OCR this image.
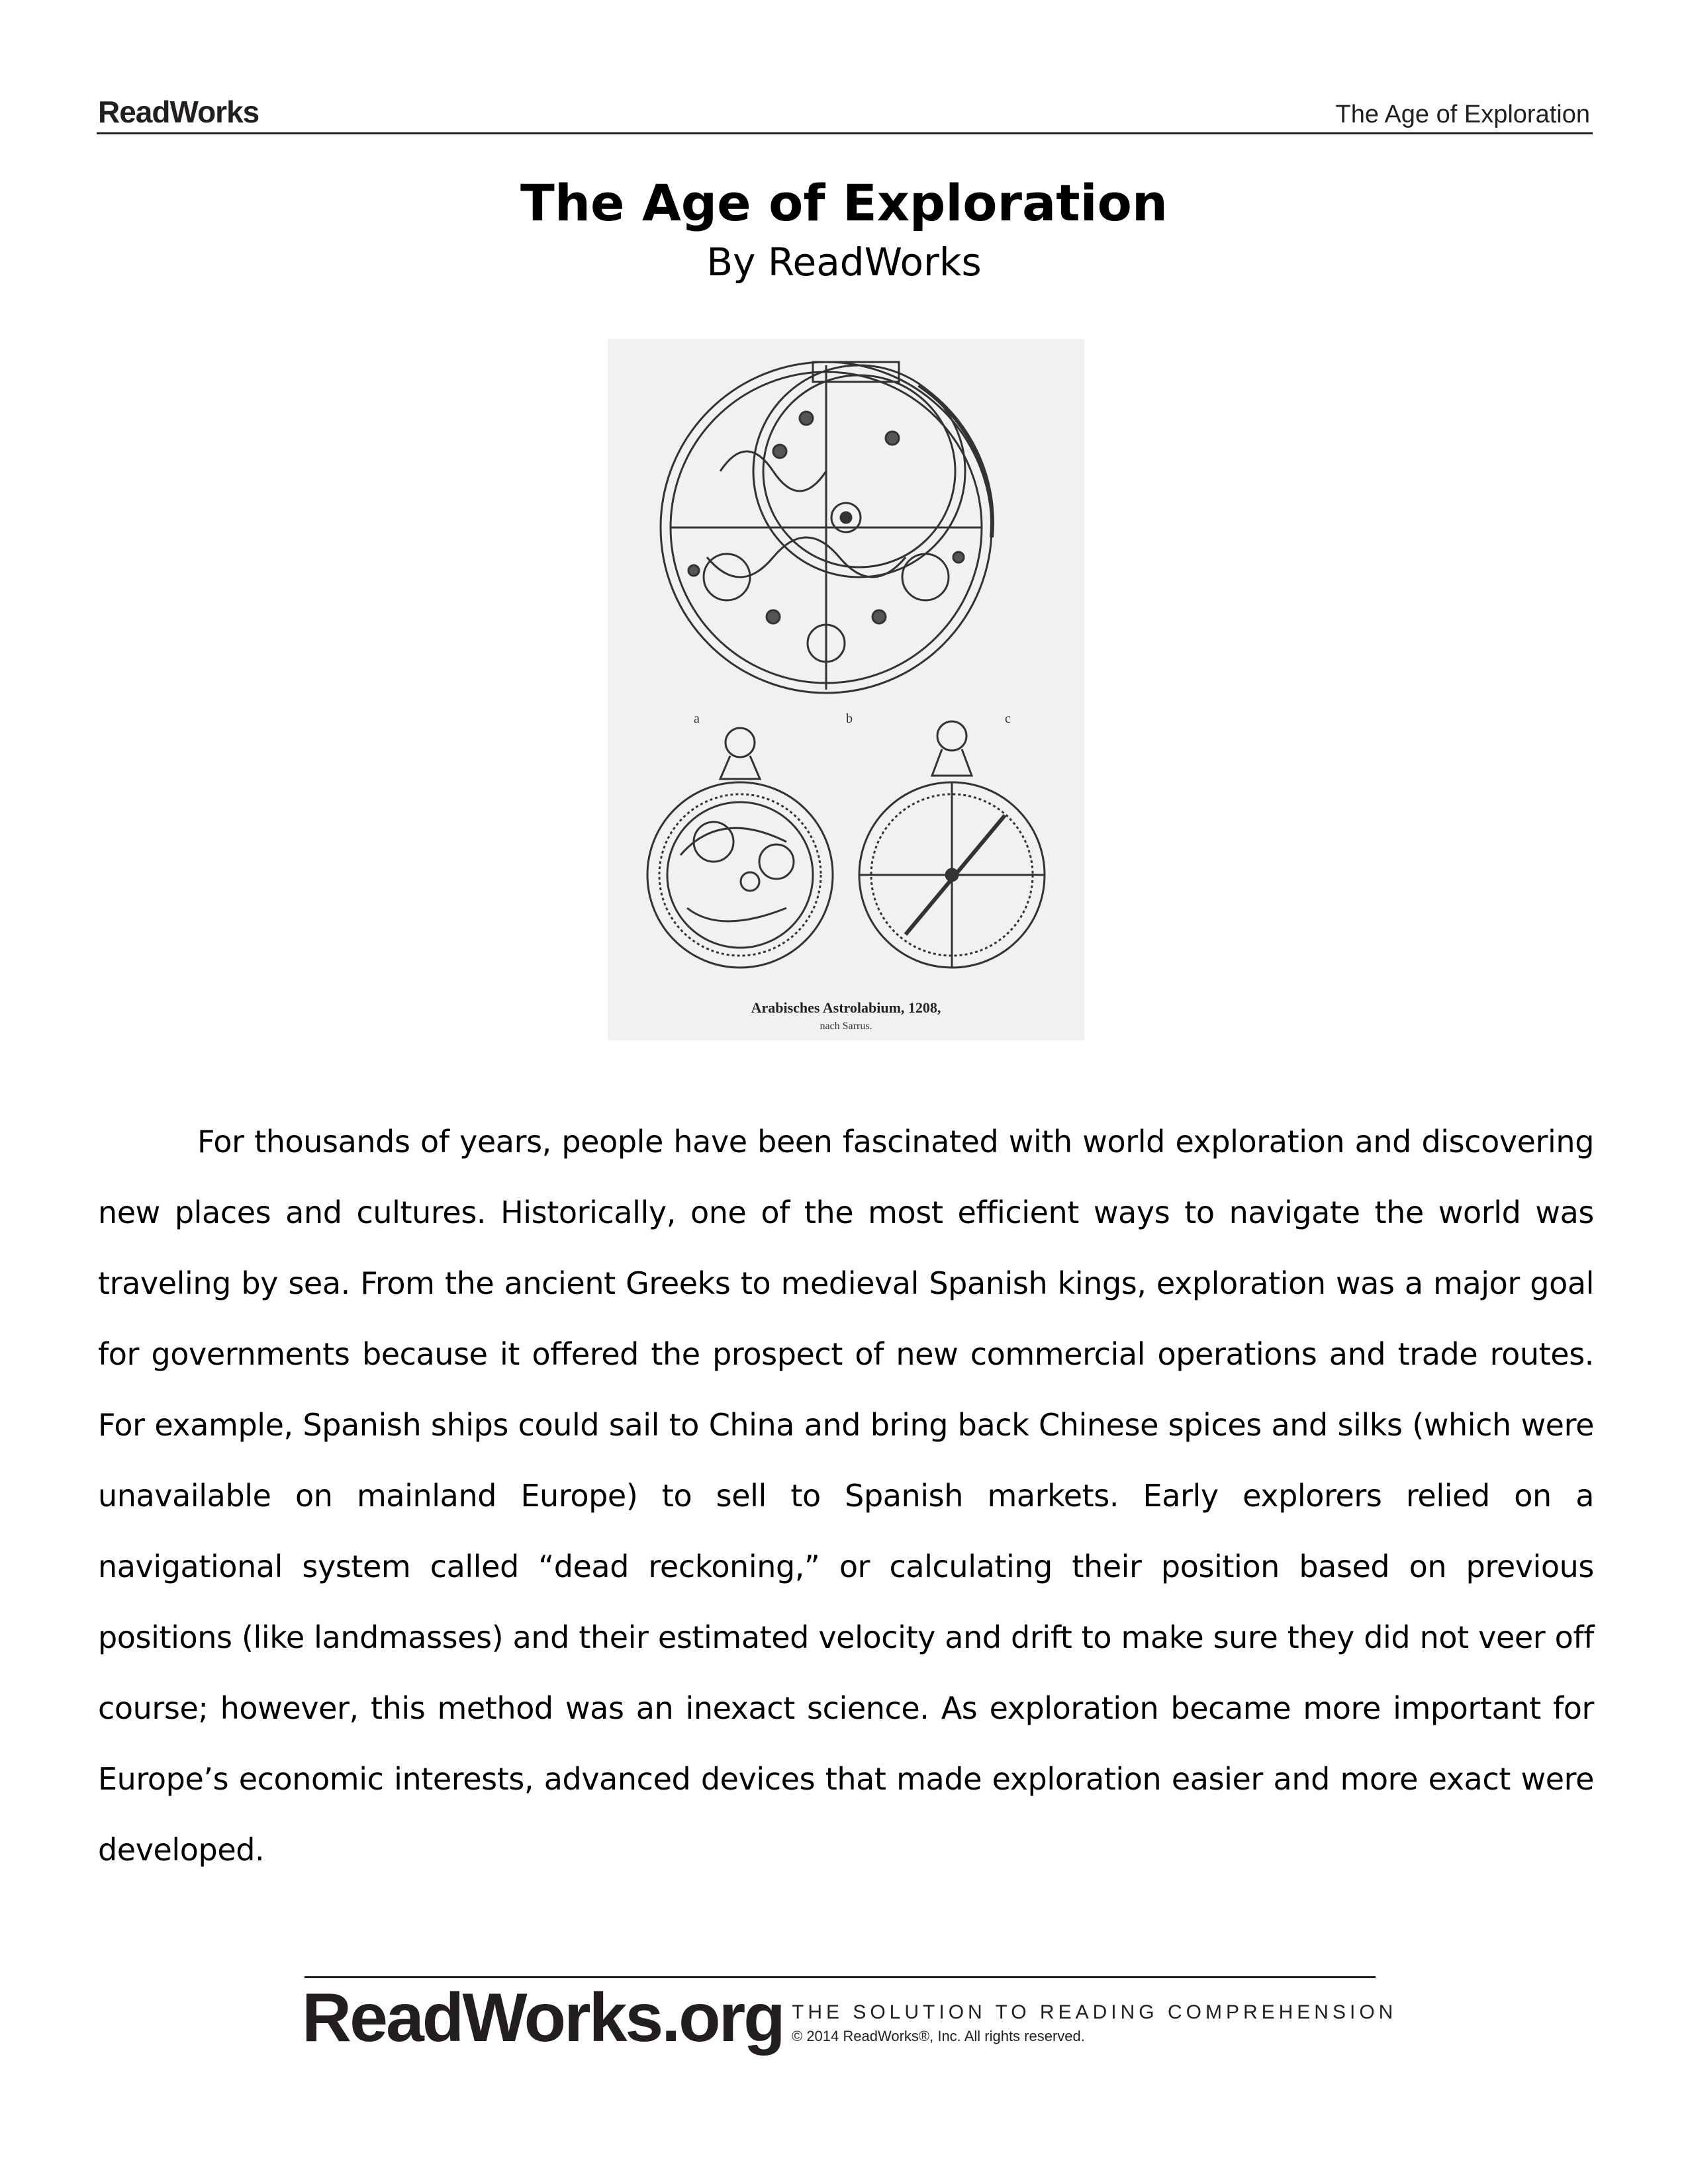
ReadWorks	The Age of Exploration
The Age of Exploration
By ReadWorks
a	b	c
Arabisches Astrolabium, 1208,
nach Sarrus.

For thousands of years, people have been fascinated with world exploration and discovering new places and cultures. Historically, one of the most efficient ways to navigate the world was traveling by sea. From the ancient Greeks to medieval Spanish kings, exploration was a major goal for governments because it offered the prospect of new commercial operations and trade routes. For example, Spanish ships could sail to China and bring back Chinese spices and silks (which were unavailable on mainland Europe) to sell to Spanish markets. Early explorers relied on a navigational system called “dead reckoning,” or calculating their position based on previous positions (like landmasses) and their estimated velocity and drift to make sure they did not veer off course; however, this method was an inexact science. As exploration became more important for Europe’s economic interests, advanced devices that made exploration easier and more exact were developed.

ReadWorks.org THE SOLUTION TO READING COMPREHENSION
© 2014 ReadWorks®, Inc. All rights reserved.
